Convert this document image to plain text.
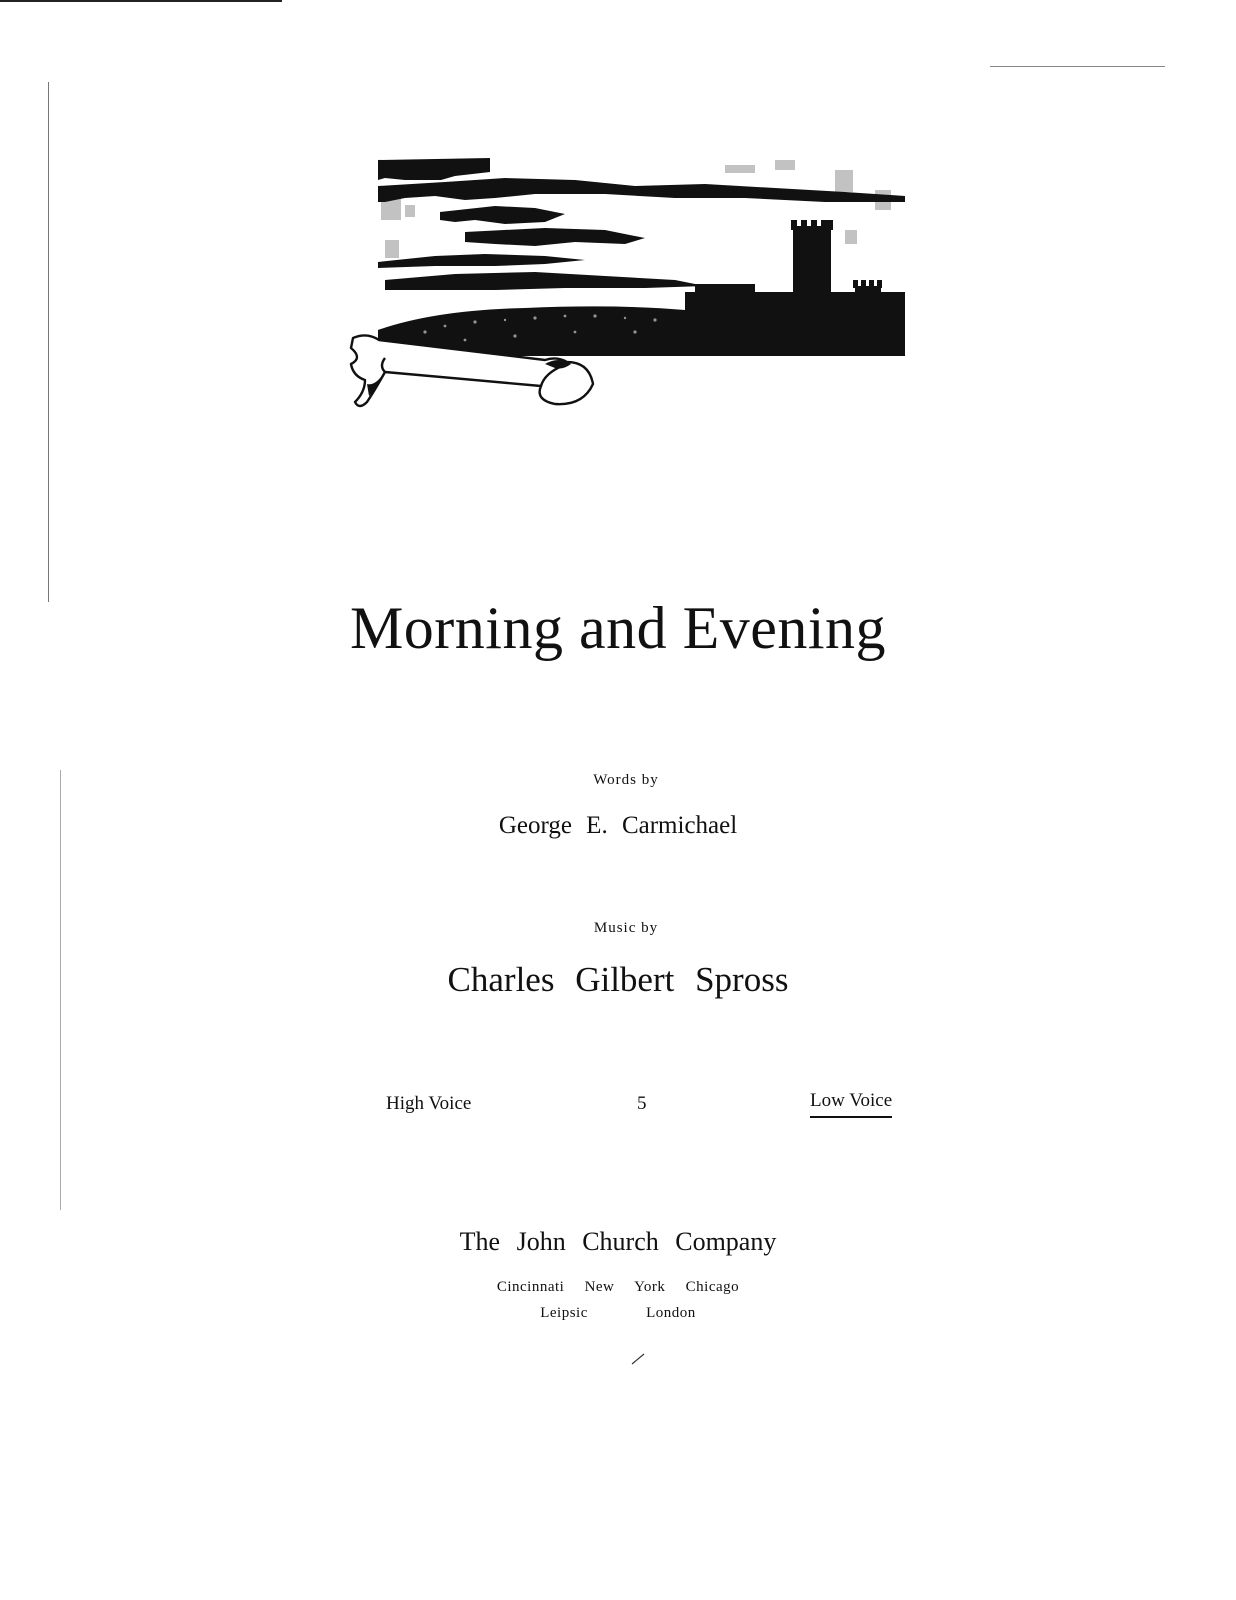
Morning and Evening
Words by
George E. Carmichael
Music by
Charles Gilbert Spross
High Voice	5	Low Voice
The John Church Company
Cincinnati New York Chicago
Leipsic London
